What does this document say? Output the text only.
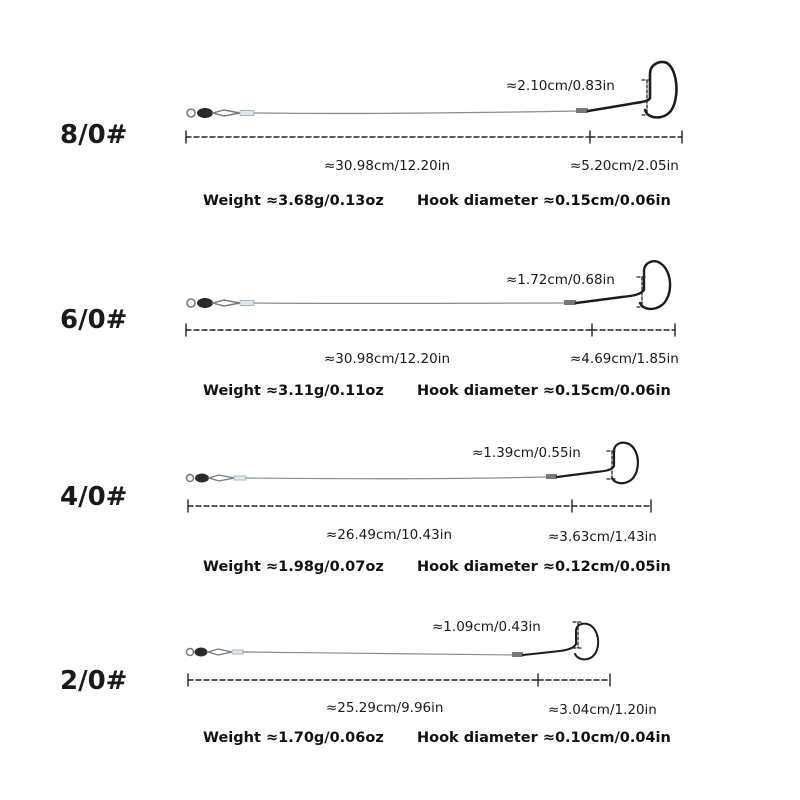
8/0#
≈2.10cm/0.83in
≈30.98cm/12.20in	≈5.20cm/2.05in
Weight ≈3.68g/0.13oz Hook diameter ≈0.15cm/0.06in
6/0#
≈1.72cm/0.68in
≈30.98cm/12.20in	≈4.69cm/1.85in
Weight ≈3.11g/0.11oz Hook diameter ≈0.15cm/0.06in
4/0#
≈1.39cm/0.55in
≈26.49cm/10.43in	≈3.63cm/1.43in
Weight ≈1.98g/0.07oz Hook diameter ≈0.12cm/0.05in
2/0#
≈1.09cm/0.43in
≈25.29cm/9.96in	≈3.04cm/1.20in
Weight ≈1.70g/0.06oz Hook diameter ≈0.10cm/0.04in
